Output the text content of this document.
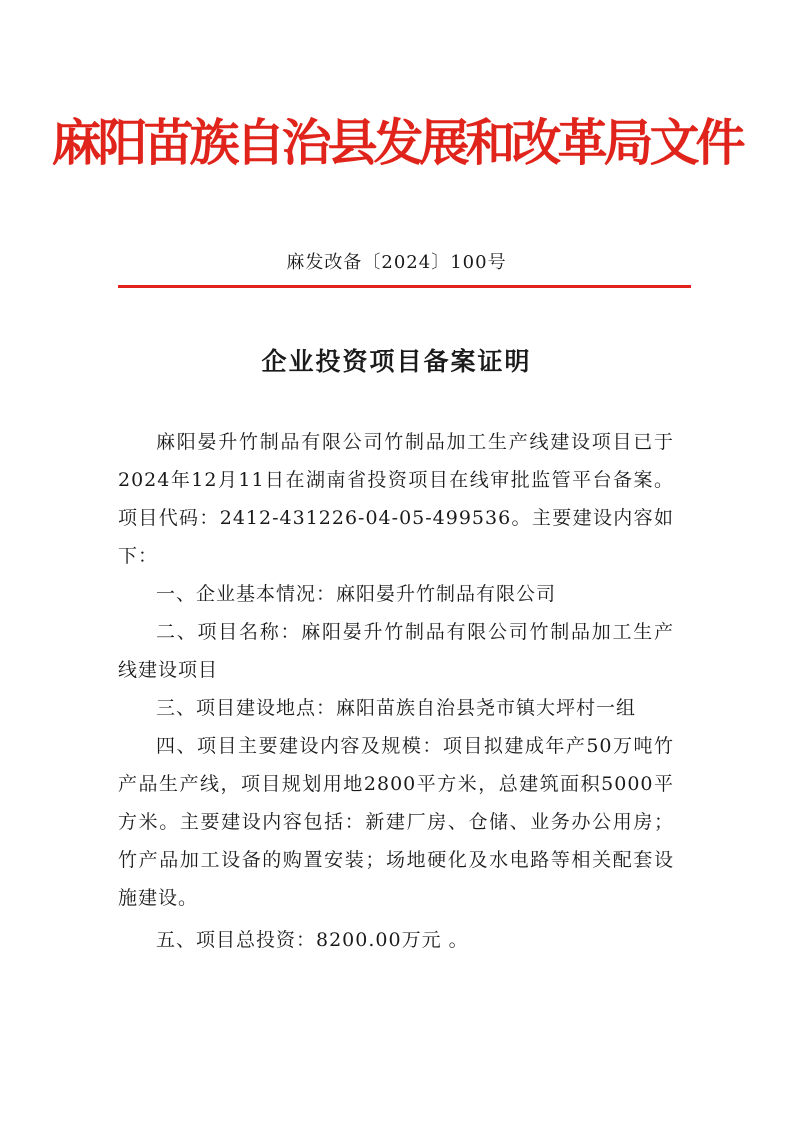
麻阳苗族自治县发展和改革局文件
麻发改备〔2024〕100号
企业投资项目备案证明

麻阳晏升竹制品有限公司竹制品加工生产线建设项目已于2024年12月11日在湖南省投资项目在线审批监管平台备案。项目代码：2412-431226-04-05-499536。主要建设内容如下：

一、企业基本情况：麻阳晏升竹制品有限公司

二、项目名称：麻阳晏升竹制品有限公司竹制品加工生产线建设项目

三、项目建设地点：麻阳苗族自治县尧市镇大坪村一组

四、项目主要建设内容及规模：项目拟建成年产50万吨竹产品生产线，项目规划用地2800平方米，总建筑面积5000平方米。主要建设内容包括：新建厂房、仓储、业务办公用房；竹产品加工设备的购置安装；场地硬化及水电路等相关配套设施建设。

五、项目总投资：8200.00万元 。
